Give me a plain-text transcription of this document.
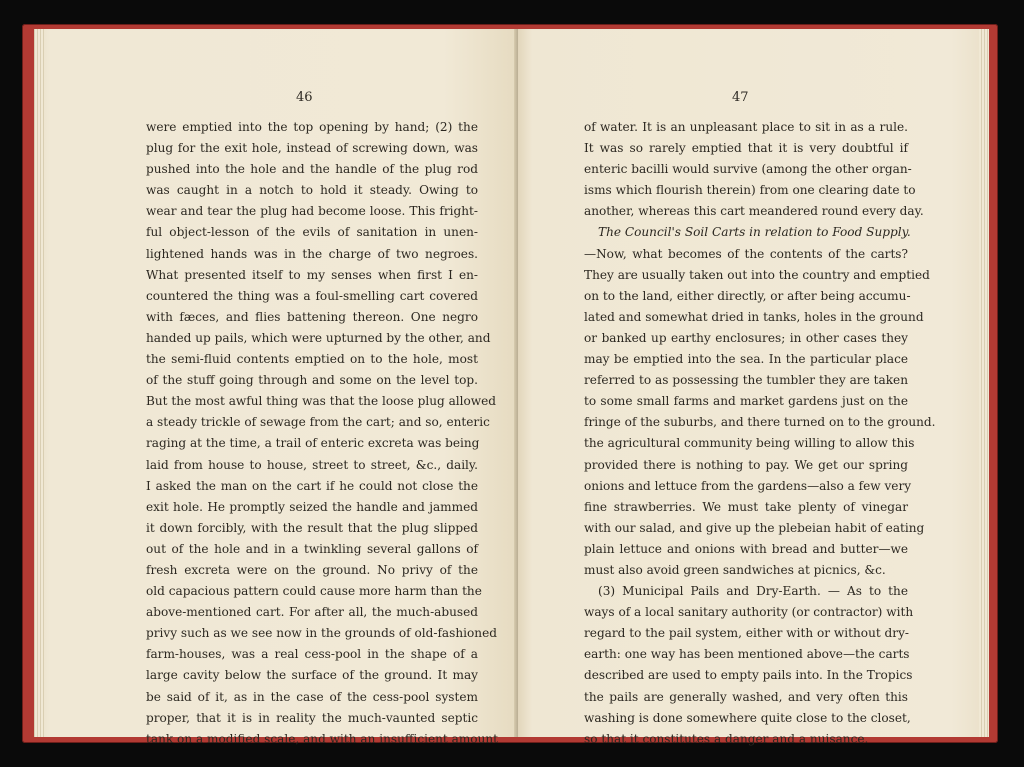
46
were emptied into the top opening by hand; (2) the
plug for the exit hole, instead of screwing down, was
pushed into the hole and the handle of the plug rod
was caught in a notch to hold it steady. Owing to
wear and tear the plug had become loose. This fright-
ful object-lesson of the evils of sanitation in unen-
lightened hands was in the charge of two negroes.
What presented itself to my senses when first I en-
countered the thing was a foul-smelling cart covered
with fæces, and flies battening thereon. One negro
handed up pails, which were upturned by the other, and
the semi-fluid contents emptied on to the hole, most
of the stuff going through and some on the level top.
But the most awful thing was that the loose plug allowed
a steady trickle of sewage from the cart; and so, enteric
raging at the time, a trail of enteric excreta was being
laid from house to house, street to street, &c., daily.
I asked the man on the cart if he could not close the
exit hole. He promptly seized the handle and jammed
it down forcibly, with the result that the plug slipped
out of the hole and in a twinkling several gallons of
fresh excreta were on the ground. No privy of the
old capacious pattern could cause more harm than the
above-mentioned cart. For after all, the much-abused
privy such as we see now in the grounds of old-fashioned
farm-houses, was a real cess-pool in the shape of a
large cavity below the surface of the ground. It may
be said of it, as in the case of the cess-pool system
proper, that it is in reality the much-vaunted septic
tank on a modified scale, and with an insufficient amount
47
of water. It is an unpleasant place to sit in as a rule.
It was so rarely emptied that it is very doubtful if
enteric bacilli would survive (among the other organ-
isms which flourish therein) from one clearing date to
another, whereas this cart meandered round every day.
The Council's Soil Carts in relation to Food Supply.
—Now, what becomes of the contents of the carts?
They are usually taken out into the country and emptied
on to the land, either directly, or after being accumu-
lated and somewhat dried in tanks, holes in the ground
or banked up earthy enclosures; in other cases they
may be emptied into the sea. In the particular place
referred to as possessing the tumbler they are taken
to some small farms and market gardens just on the
fringe of the suburbs, and there turned on to the ground.
the agricultural community being willing to allow this
provided there is nothing to pay. We get our spring
onions and lettuce from the gardens—also a few very
fine strawberries. We must take plenty of vinegar
with our salad, and give up the plebeian habit of eating
plain lettuce and onions with bread and butter—we
must also avoid green sandwiches at picnics, &c.
(3) Municipal Pails and Dry-Earth. — As to the
ways of a local sanitary authority (or contractor) with
regard to the pail system, either with or without dry-
earth: one way has been mentioned above—the carts
described are used to empty pails into. In the Tropics
the pails are generally washed, and very often this
washing is done somewhere quite close to the closet,
so that it constitutes a danger and a nuisance.
